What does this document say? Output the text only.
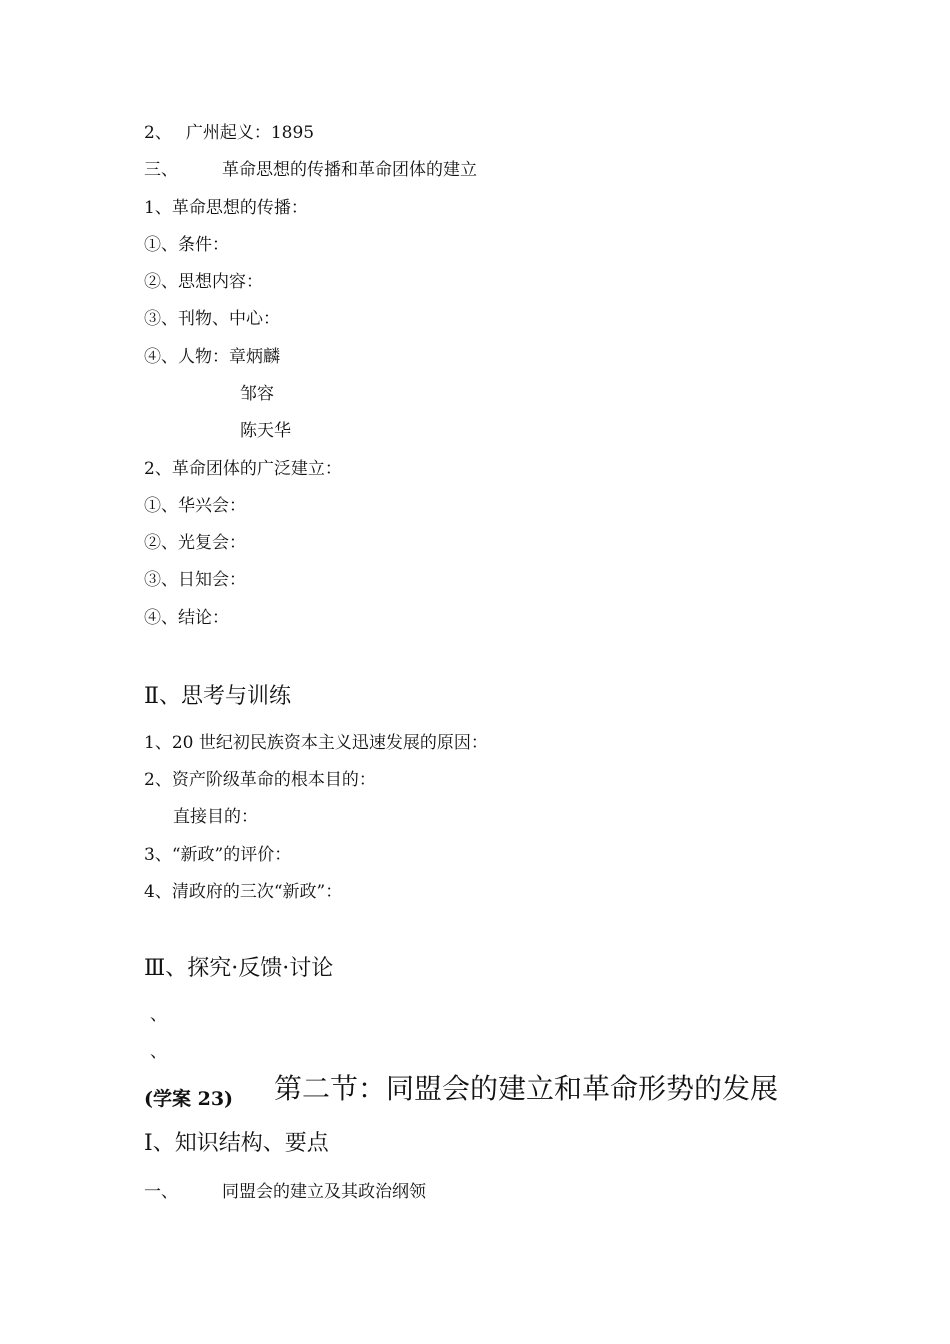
2、 广州起义：1895
三、	革命思想的传播和革命团体的建立
1、革命思想的传播：
①、条件：
②、思想内容：
③、刊物、中心：
④、人物：章炳麟
邹容
陈天华
2、革命团体的广泛建立：
①、华兴会：
②、光复会：
③、日知会：
④、结论：
Ⅱ、思考与训练
1、20 世纪初民族资本主义迅速发展的原因：
2、资产阶级革命的根本目的：
直接目的：
3、“新政”的评价：
4、清政府的三次“新政”：
Ⅲ、探究·反馈·讨论
、
、
(学案 23) 第二节：同盟会的建立和革命形势的发展
Ⅰ、知识结构、要点
一、	同盟会的建立及其政治纲领
